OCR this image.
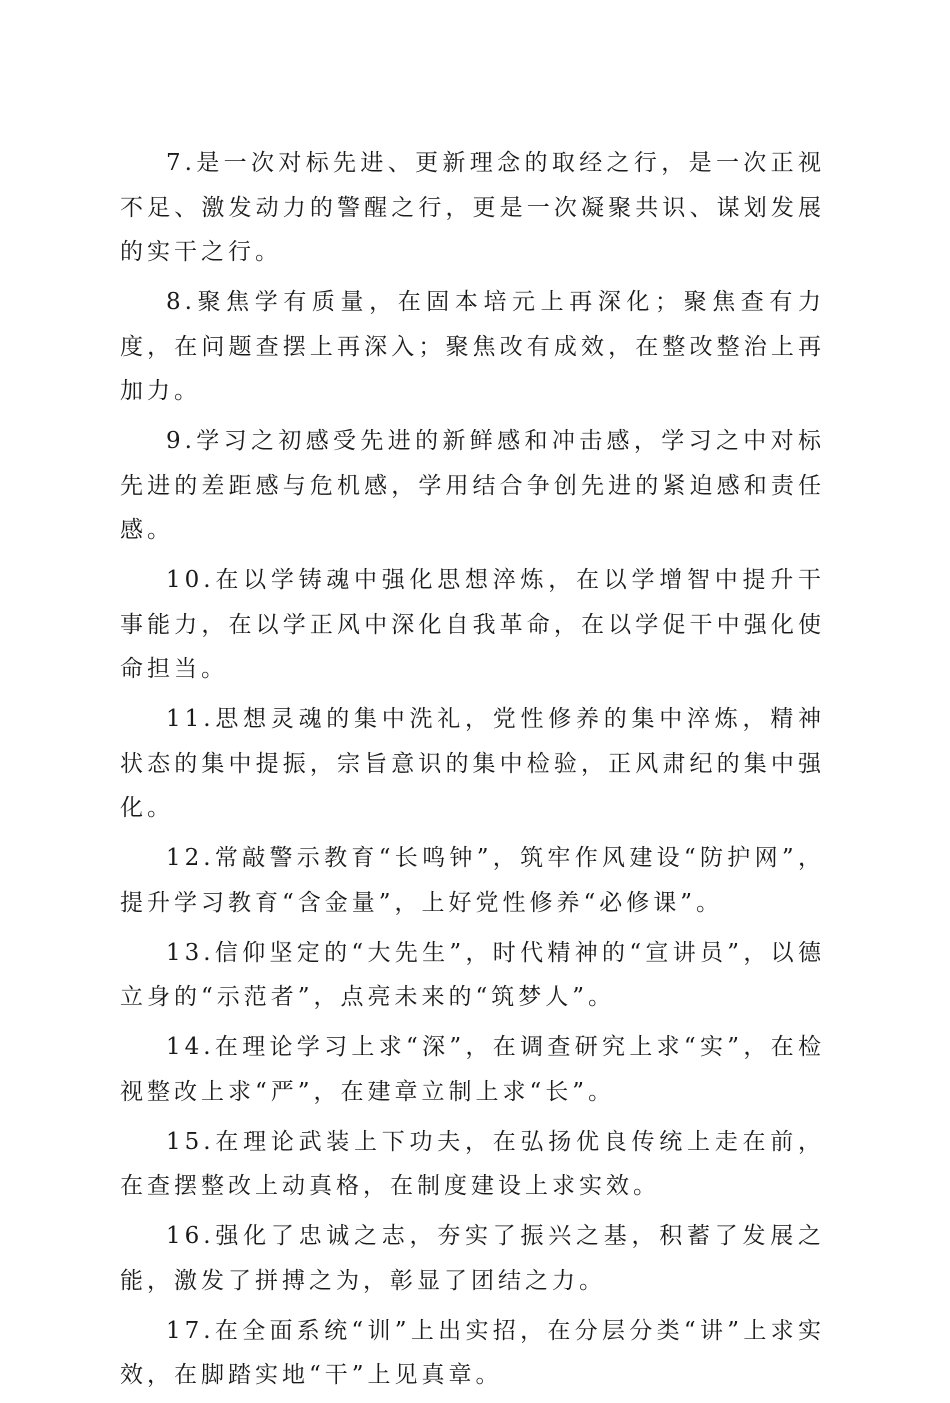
7.是一次对标先进、更新理念的取经之行，是一次正视不足、激发动力的警醒之行，更是一次凝聚共识、谋划发展的实干之行。

8.聚焦学有质量，在固本培元上再深化；聚焦查有力度，在问题查摆上再深入；聚焦改有成效，在整改整治上再加力。

9.学习之初感受先进的新鲜感和冲击感，学习之中对标先进的差距感与危机感，学用结合争创先进的紧迫感和责任感。

10.在以学铸魂中强化思想淬炼，在以学增智中提升干事能力，在以学正风中深化自我革命，在以学促干中强化使命担当。

11.思想灵魂的集中洗礼，党性修养的集中淬炼，精神状态的集中提振，宗旨意识的集中检验，正风肃纪的集中强化。

12.常敲警示教育“长鸣钟”，筑牢作风建设“防护网”，提升学习教育“含金量”，上好党性修养“必修课”。

13.信仰坚定的“大先生”，时代精神的“宣讲员”，以德立身的“示范者”，点亮未来的“筑梦人”。

14.在理论学习上求“深”，在调查研究上求“实”，在检视整改上求“严”，在建章立制上求“长”。

15.在理论武装上下功夫，在弘扬优良传统上走在前，在查摆整改上动真格，在制度建设上求实效。

16.强化了忠诚之志，夯实了振兴之基，积蓄了发展之能，激发了拼搏之为，彰显了团结之力。

17.在全面系统“训”上出实招，在分层分类“讲”上求实效，在脚踏实地“干”上见真章。
